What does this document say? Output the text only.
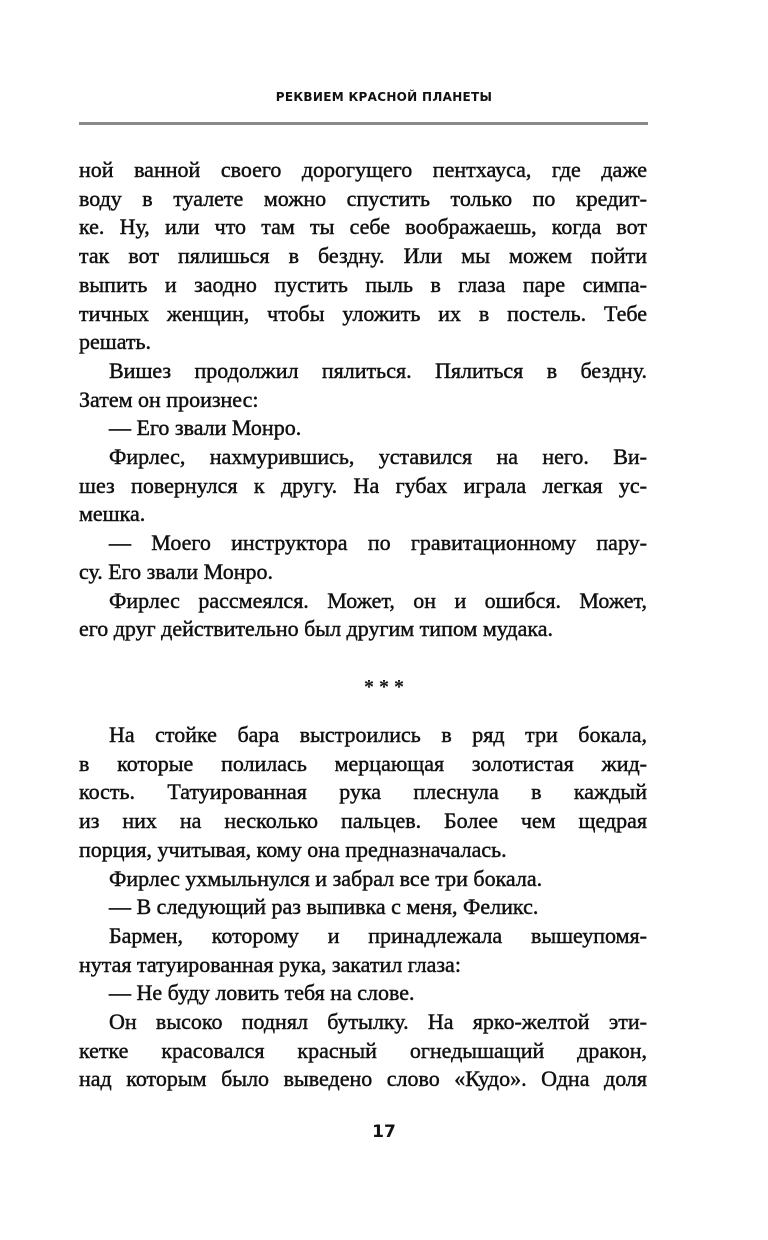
РЕКВИЕМ КРАСНОЙ ПЛАНЕТЫ
ной ванной своего дорогущего пентхауса, где даже
воду в туалете можно спустить только по кредит-
ке. Ну, или что там ты себе воображаешь, когда вот
так вот пялишься в бездну. Или мы можем пойти
выпить и заодно пустить пыль в глаза паре симпа-
тичных женщин, чтобы уложить их в постель. Тебе
решать.
Вишез продолжил пялиться. Пялиться в бездну.
Затем он произнес:
— Его звали Монро.
Фирлес, нахмурившись, уставился на него. Ви-
шез повернулся к другу. На губах играла легкая ус-
мешка.
— Моего инструктора по гравитационному пару-
су. Его звали Монро.
Фирлес рассмеялся. Может, он и ошибся. Может,
его друг действительно был другим типом мудака.
* * *
На стойке бара выстроились в ряд три бокала,
в которые полилась мерцающая золотистая жид-
кость. Татуированная рука плеснула в каждый
из них на несколько пальцев. Более чем щедрая
порция, учитывая, кому она предназначалась.
Фирлес ухмыльнулся и забрал все три бокала.
— В следующий раз выпивка с меня, Феликс.
Бармен, которому и принадлежала вышеупомя-
нутая татуированная рука, закатил глаза:
— Не буду ловить тебя на слове.
Он высоко поднял бутылку. На ярко-желтой эти-
кетке красовался красный огнедышащий дракон,
над которым было выведено слово «Кудо». Одна доля
17
